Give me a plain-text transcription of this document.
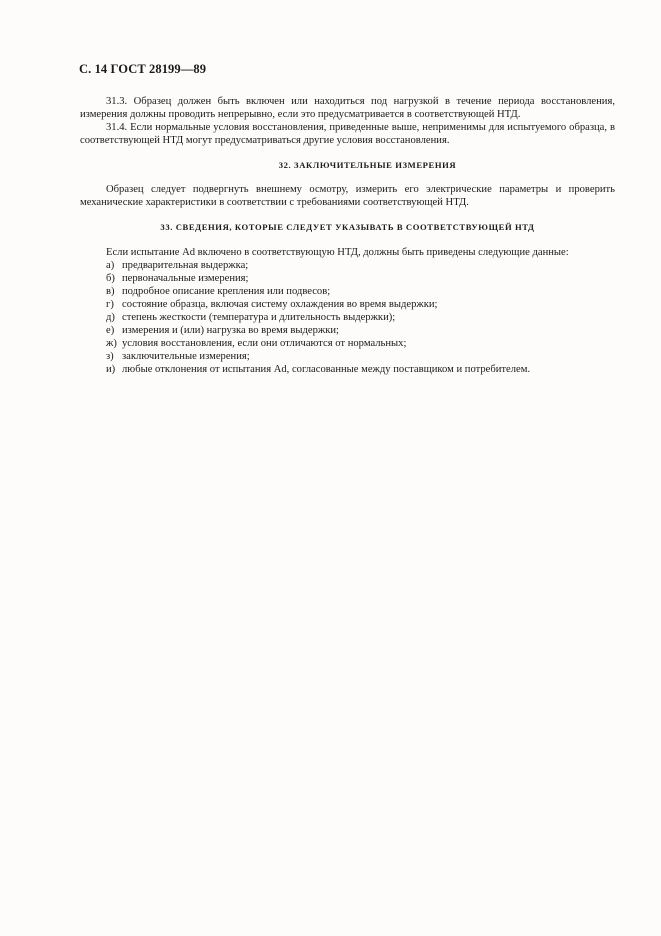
С. 14 ГОСТ 28199—89

31.3. Образец должен быть включен или находиться под нагрузкой в течение периода восстановления, измерения должны проводить непрерывно, если это предусматривается в соответствующей НТД.

31.4. Если нормальные условия восстановления, приведенные выше, неприменимы для испытуемого образца, в соответствующей НТД могут предусматриваться другие условия восстановления.

32. ЗАКЛЮЧИТЕЛЬНЫЕ ИЗМЕРЕНИЯ

Образец следует подвергнуть внешнему осмотру, измерить его электрические параметры и проверить механические характеристики в соответствии с требованиями соответствующей НТД.

33. СВЕДЕНИЯ, КОТОРЫЕ СЛЕДУЕТ УКАЗЫВАТЬ В СООТВЕТСТВУЮЩЕЙ НТД

Если испытание Ad включено в соответствующую НТД, должны быть приведены следующие данные:

а) предварительная выдержка;
б) первоначальные измерения;
в) подробное описание крепления или подвесов;
г) состояние образца, включая систему охлаждения во время выдержки;
д) степень жесткости (температура и длительность выдержки);
е) измерения и (или) нагрузка во время выдержки;
ж) условия восстановления, если они отличаются от нормальных;
з) заключительные измерения;
и) любые отклонения от испытания Ad, согласованные между поставщиком и потребителем.
